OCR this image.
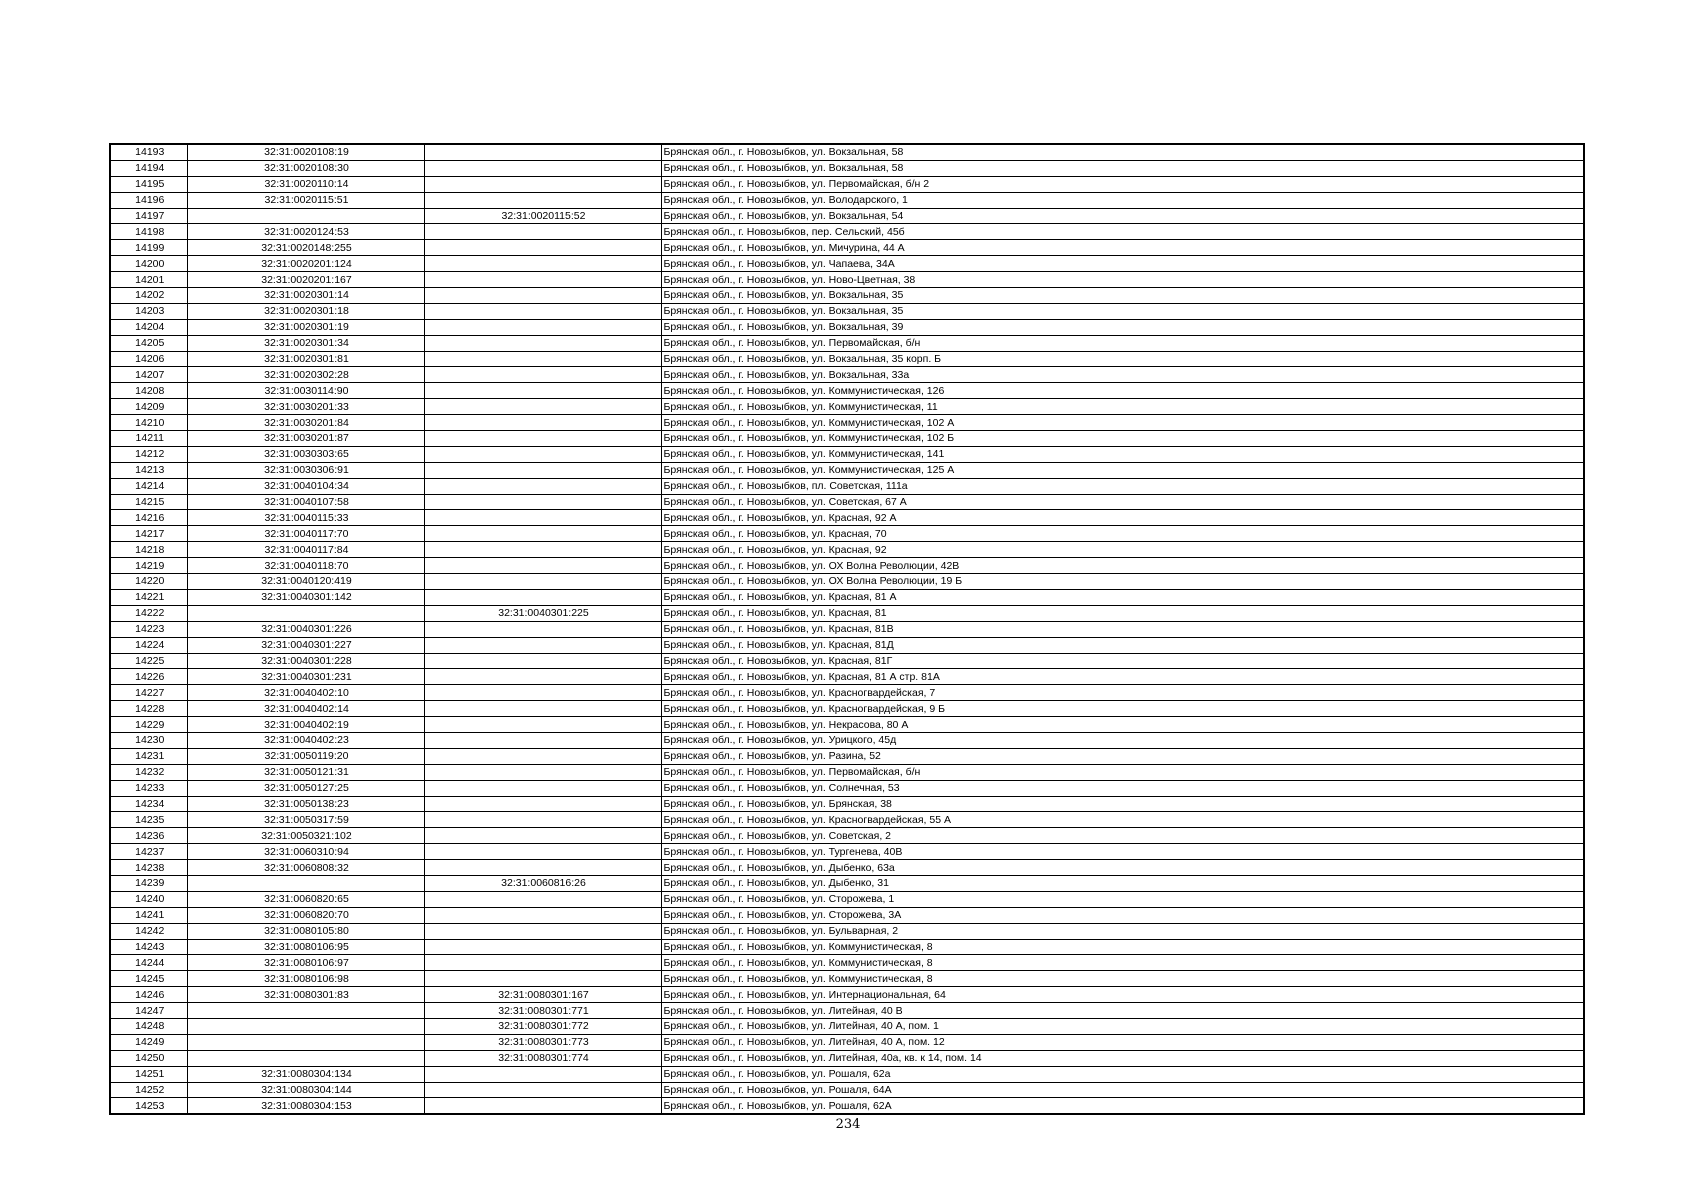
14193	32:31:0020108:19		Брянская обл., г. Новозыбков, ул. Вокзальная, 58
14194	32:31:0020108:30		Брянская обл., г. Новозыбков, ул. Вокзальная, 58
14195	32:31:0020110:14		Брянская обл., г. Новозыбков, ул. Первомайская, б/н 2
14196	32:31:0020115:51		Брянская обл., г. Новозыбков, ул. Володарского, 1
14197		32:31:0020115:52	Брянская обл., г. Новозыбков, ул. Вокзальная, 54
14198	32:31:0020124:53		Брянская обл., г. Новозыбков, пер. Сельский, 45б
14199	32:31:0020148:255		Брянская обл., г. Новозыбков, ул. Мичурина, 44 А
14200	32:31:0020201:124		Брянская обл., г. Новозыбков, ул. Чапаева, 34А
14201	32:31:0020201:167		Брянская обл., г. Новозыбков, ул. Ново-Цветная, 38
14202	32:31:0020301:14		Брянская обл., г. Новозыбков, ул. Вокзальная, 35
14203	32:31:0020301:18		Брянская обл., г. Новозыбков, ул. Вокзальная, 35
14204	32:31:0020301:19		Брянская обл., г. Новозыбков, ул. Вокзальная, 39
14205	32:31:0020301:34		Брянская обл., г. Новозыбков, ул. Первомайская, б/н
14206	32:31:0020301:81		Брянская обл., г. Новозыбков, ул. Вокзальная, 35 корп. Б
14207	32:31:0020302:28		Брянская обл., г. Новозыбков, ул. Вокзальная, 33а
14208	32:31:0030114:90		Брянская обл., г. Новозыбков, ул. Коммунистическая, 126
14209	32:31:0030201:33		Брянская обл., г. Новозыбков, ул. Коммунистическая, 11
14210	32:31:0030201:84		Брянская обл., г. Новозыбков, ул. Коммунистическая, 102 А
14211	32:31:0030201:87		Брянская обл., г. Новозыбков, ул. Коммунистическая, 102 Б
14212	32:31:0030303:65		Брянская обл., г. Новозыбков, ул. Коммунистическая, 141
14213	32:31:0030306:91		Брянская обл., г. Новозыбков, ул. Коммунистическая, 125 А
14214	32:31:0040104:34		Брянская обл., г. Новозыбков, пл. Советская, 111а
14215	32:31:0040107:58		Брянская обл., г. Новозыбков, ул. Советская, 67 А
14216	32:31:0040115:33		Брянская обл., г. Новозыбков, ул. Красная, 92 А
14217	32:31:0040117:70		Брянская обл., г. Новозыбков, ул. Красная, 70
14218	32:31:0040117:84		Брянская обл., г. Новозыбков, ул. Красная, 92
14219	32:31:0040118:70		Брянская обл., г. Новозыбков, ул. ОХ Волна Революции, 42В
14220	32:31:0040120:419		Брянская обл., г. Новозыбков, ул. ОХ Волна Революции, 19 Б
14221	32:31:0040301:142		Брянская обл., г. Новозыбков, ул. Красная, 81 А
14222		32:31:0040301:225	Брянская обл., г. Новозыбков, ул. Красная, 81
14223	32:31:0040301:226		Брянская обл., г. Новозыбков, ул. Красная, 81В
14224	32:31:0040301:227		Брянская обл., г. Новозыбков, ул. Красная, 81Д
14225	32:31:0040301:228		Брянская обл., г. Новозыбков, ул. Красная, 81Г
14226	32:31:0040301:231		Брянская обл., г. Новозыбков, ул. Красная, 81 А стр. 81А
14227	32:31:0040402:10		Брянская обл., г. Новозыбков, ул. Красногвардейская, 7
14228	32:31:0040402:14		Брянская обл., г. Новозыбков, ул. Красногвардейская, 9 Б
14229	32:31:0040402:19		Брянская обл., г. Новозыбков, ул. Некрасова, 80 А
14230	32:31:0040402:23		Брянская обл., г. Новозыбков, ул. Урицкого, 45д
14231	32:31:0050119:20		Брянская обл., г. Новозыбков, ул. Разина, 52
14232	32:31:0050121:31		Брянская обл., г. Новозыбков, ул. Первомайская, б/н
14233	32:31:0050127:25		Брянская обл., г. Новозыбков, ул. Солнечная, 53
14234	32:31:0050138:23		Брянская обл., г. Новозыбков, ул. Брянская, 38
14235	32:31:0050317:59		Брянская обл., г. Новозыбков, ул. Красногвардейская, 55 А
14236	32:31:0050321:102		Брянская обл., г. Новозыбков, ул. Советская, 2
14237	32:31:0060310:94		Брянская обл., г. Новозыбков, ул. Тургенева, 40В
14238	32:31:0060808:32		Брянская обл., г. Новозыбков, ул. Дыбенко, 63а
14239		32:31:0060816:26	Брянская обл., г. Новозыбков, ул. Дыбенко, 31
14240	32:31:0060820:65		Брянская обл., г. Новозыбков, ул. Сторожева, 1
14241	32:31:0060820:70		Брянская обл., г. Новозыбков, ул. Сторожева, 3А
14242	32:31:0080105:80		Брянская обл., г. Новозыбков, ул. Бульварная, 2
14243	32:31:0080106:95		Брянская обл., г. Новозыбков, ул. Коммунистическая, 8
14244	32:31:0080106:97		Брянская обл., г. Новозыбков, ул. Коммунистическая, 8
14245	32:31:0080106:98		Брянская обл., г. Новозыбков, ул. Коммунистическая, 8
14246	32:31:0080301:83	32:31:0080301:167	Брянская обл., г. Новозыбков, ул. Интернациональная, 64
14247		32:31:0080301:771	Брянская обл., г. Новозыбков, ул. Литейная, 40 В
14248		32:31:0080301:772	Брянская обл., г. Новозыбков, ул. Литейная, 40 А, пом. 1
14249		32:31:0080301:773	Брянская обл., г. Новозыбков, ул. Литейная, 40 А, пом. 12
14250		32:31:0080301:774	Брянская обл., г. Новозыбков, ул. Литейная, 40а, кв. к 14, пом. 14
14251	32:31:0080304:134		Брянская обл., г. Новозыбков, ул. Рошаля, 62а
14252	32:31:0080304:144		Брянская обл., г. Новозыбков, ул. Рошаля, 64А
14253	32:31:0080304:153		Брянская обл., г. Новозыбков, ул. Рошаля, 62А
234
